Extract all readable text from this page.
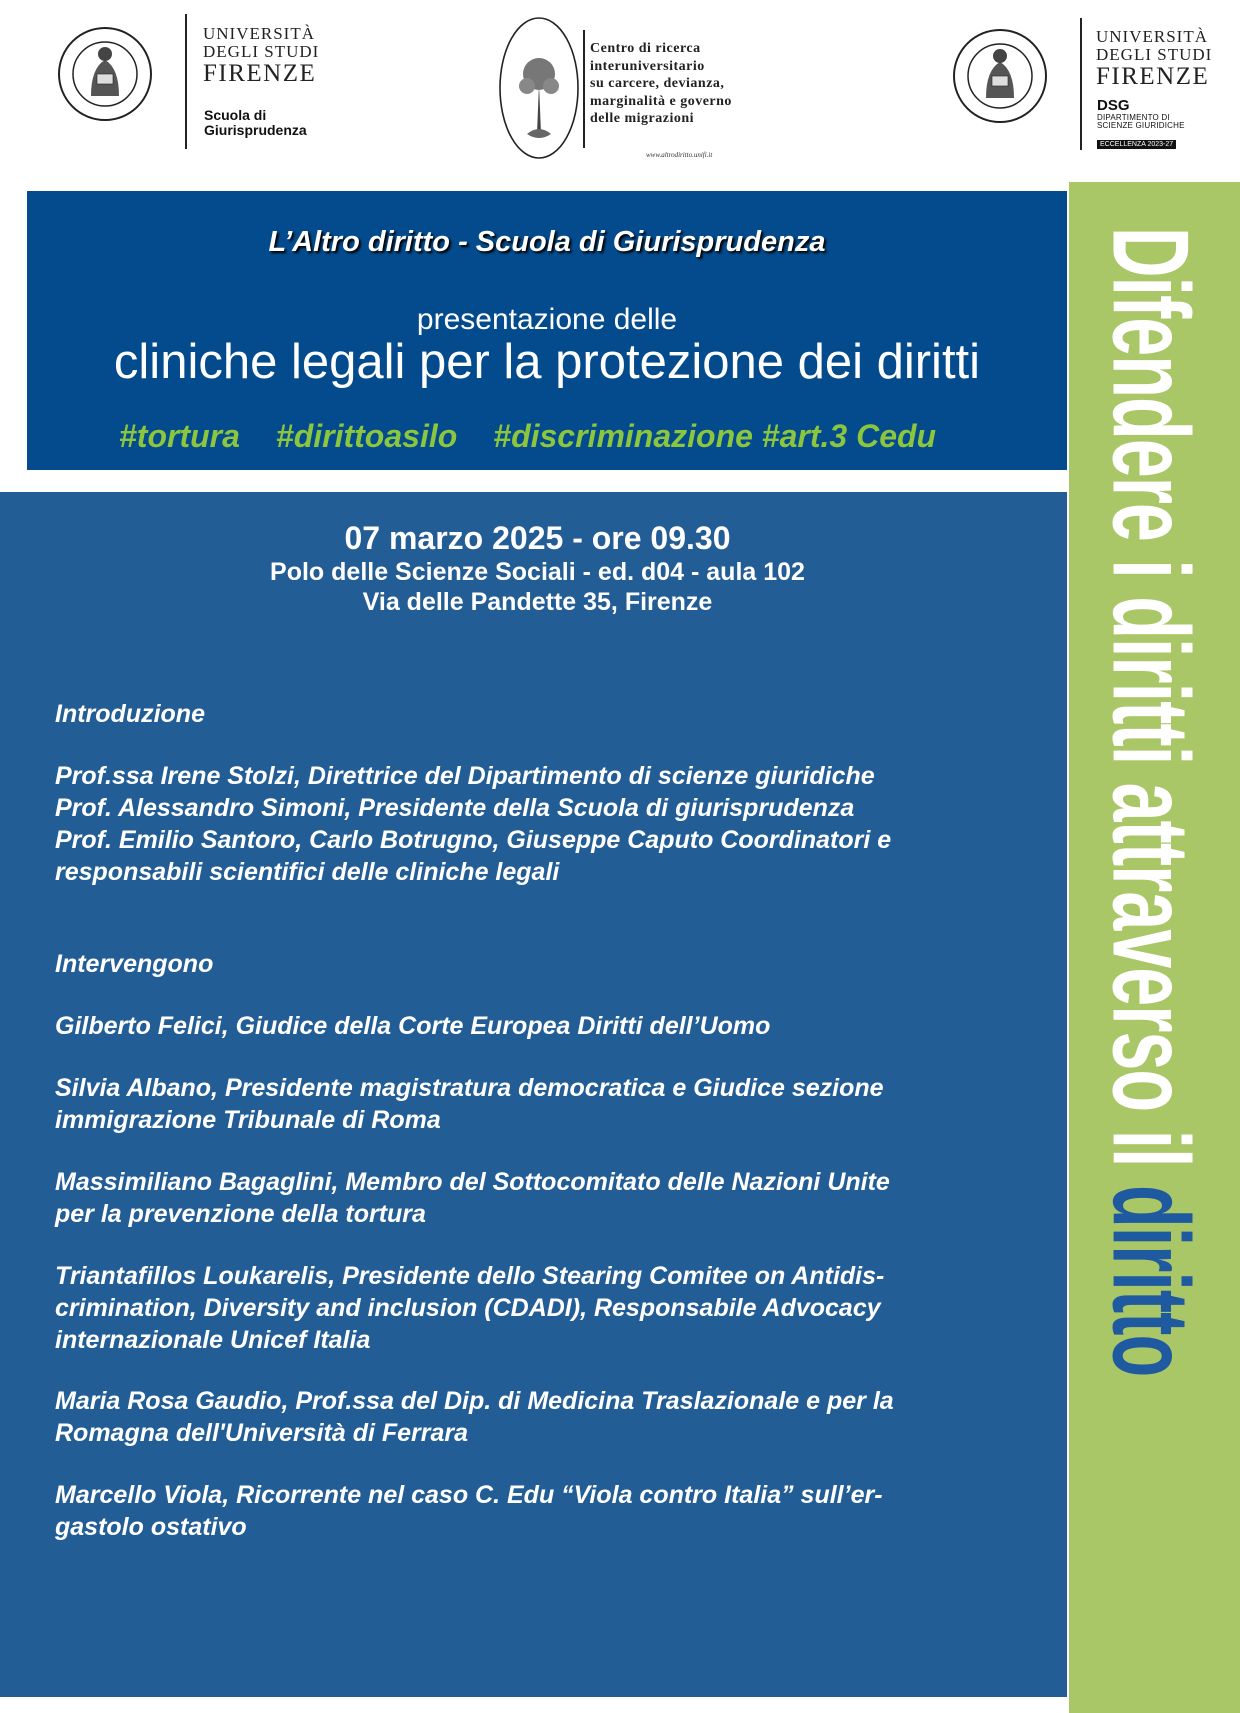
UNIVERSITÀ
DEGLI STUDI
FIRENZE
Scuola di
Giurisprudenza
Centro di ricerca
interuniversitario
su carcere, devianza,
marginalità e governo
delle migrazioni
www.altrodiritto.unifi.it
UNIVERSITÀ
DEGLI STUDI
FIRENZE
DSG
DIPARTIMENTO DI
SCIENZE GIURIDICHE
ECCELLENZA 2023-27
L’Altro diritto - Scuola di Giurisprudenza
presentazione delle
cliniche legali per la protezione dei diritti
#tortura #dirittoasilo #discriminazione #art.3 Cedu
07 marzo 2025 - ore 09.30
Polo delle Scienze Sociali - ed. d04 - aula 102
Via delle Pandette 35, Firenze
Introduzione
Prof.ssa Irene Stolzi, Direttrice del Dipartimento di scienze giuridiche
Prof. Alessandro Simoni, Presidente della Scuola di giurisprudenza
Prof. Emilio Santoro, Carlo Botrugno, Giuseppe Caputo Coordinatori e
responsabili scientifici delle cliniche legali
Intervengono
Gilberto Felici, Giudice della Corte Europea Diritti dell’Uomo
Silvia Albano, Presidente magistratura democratica e Giudice sezione
immigrazione Tribunale di Roma
Massimiliano Bagaglini, Membro del Sottocomitato delle Nazioni Unite
per la prevenzione della tortura
Triantafillos Loukarelis, Presidente dello Stearing Comitee on Antidis-
crimination, Diversity and inclusion (CDADI), Responsabile Advocacy
internazionale Unicef Italia
Maria Rosa Gaudio, Prof.ssa del Dip. di Medicina Traslazionale e per la
Romagna dell'Università di Ferrara
Marcello Viola, Ricorrente nel caso C. Edu “Viola contro Italia” sull’er-
gastolo ostativo
Difendere i diritti attraverso il diritto
